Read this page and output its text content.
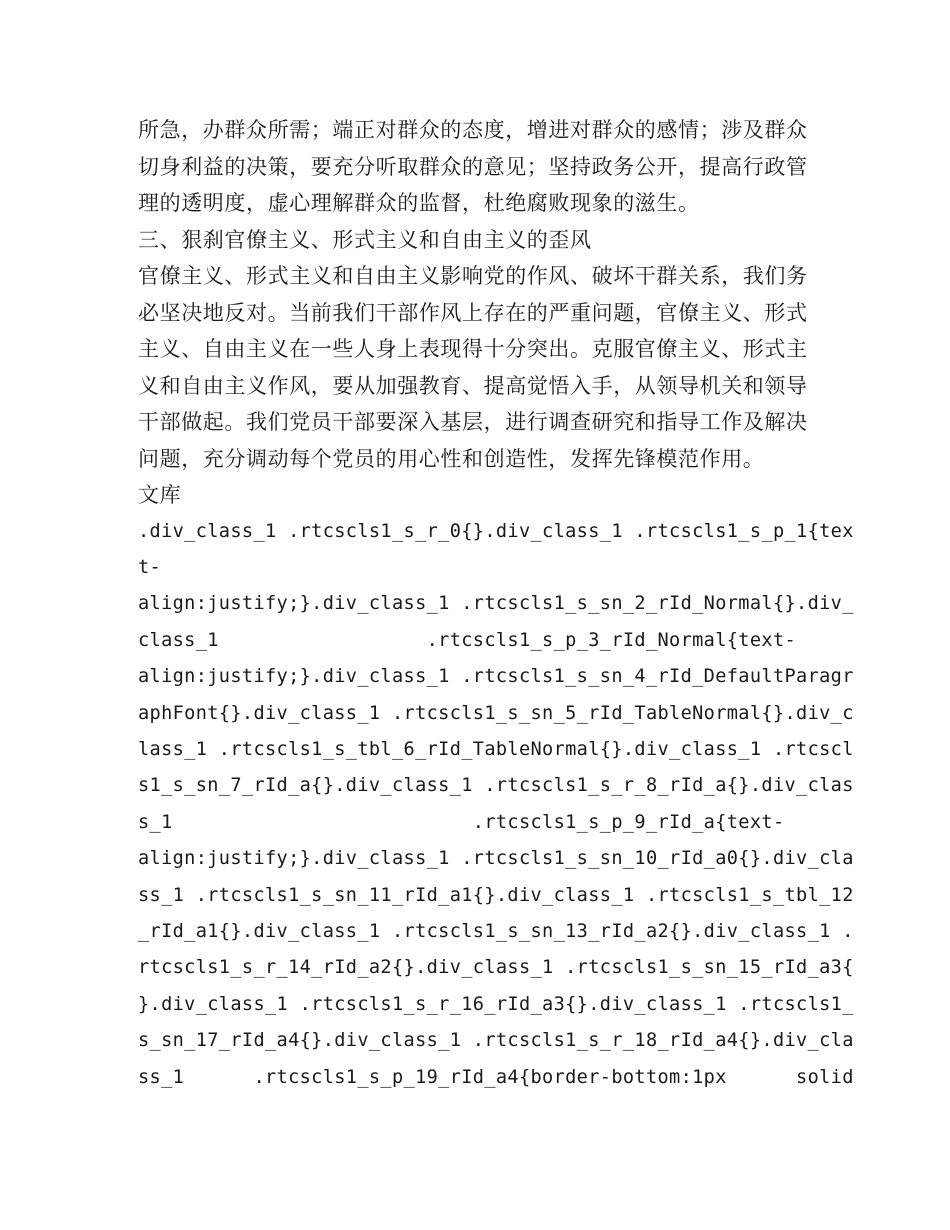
所急，办群众所需；端正对群众的态度，增进对群众的感情；涉及群众
切身利益的决策，要充分听取群众的意见；坚持政务公开，提高行政管
理的透明度，虚心理解群众的监督，杜绝腐败现象的滋生。

三、狠刹官僚主义、形式主义和自由主义的歪风

官僚主义、形式主义和自由主义影响党的作风、破坏干群关系，我们务
必坚决地反对。当前我们干部作风上存在的严重问题，官僚主义、形式
主义、自由主义在一些人身上表现得十分突出。克服官僚主义、形式主
义和自由主义作风，要从加强教育、提高觉悟入手，从领导机关和领导
干部做起。我们党员干部要深入基层，进行调查研究和指导工作及解决
问题，充分调动每个党员的用心性和创造性，发挥先锋模范作用。

文库

.div_class_1 .rtcscls1_s_r_0{}.div_class_1 .rtcscls1_s_p_1{tex
t-
align:justify;}.div_class_1 .rtcscls1_s_sn_2_rId_Normal{}.div_
class_1                  .rtcscls1_s_p_3_rId_Normal{text-
align:justify;}.div_class_1 .rtcscls1_s_sn_4_rId_DefaultParagr
aphFont{}.div_class_1 .rtcscls1_s_sn_5_rId_TableNormal{}.div_c
lass_1 .rtcscls1_s_tbl_6_rId_TableNormal{}.div_class_1 .rtcscl
s1_s_sn_7_rId_a{}.div_class_1 .rtcscls1_s_r_8_rId_a{}.div_clas
s_1                          .rtcscls1_s_p_9_rId_a{text-
align:justify;}.div_class_1 .rtcscls1_s_sn_10_rId_a0{}.div_cla
ss_1 .rtcscls1_s_sn_11_rId_a1{}.div_class_1 .rtcscls1_s_tbl_12
_rId_a1{}.div_class_1 .rtcscls1_s_sn_13_rId_a2{}.div_class_1 .
rtcscls1_s_r_14_rId_a2{}.div_class_1 .rtcscls1_s_sn_15_rId_a3{
}.div_class_1 .rtcscls1_s_r_16_rId_a3{}.div_class_1 .rtcscls1_
s_sn_17_rId_a4{}.div_class_1 .rtcscls1_s_r_18_rId_a4{}.div_cla
ss_1      .rtcscls1_s_p_19_rId_a4{border-bottom:1px      solid
